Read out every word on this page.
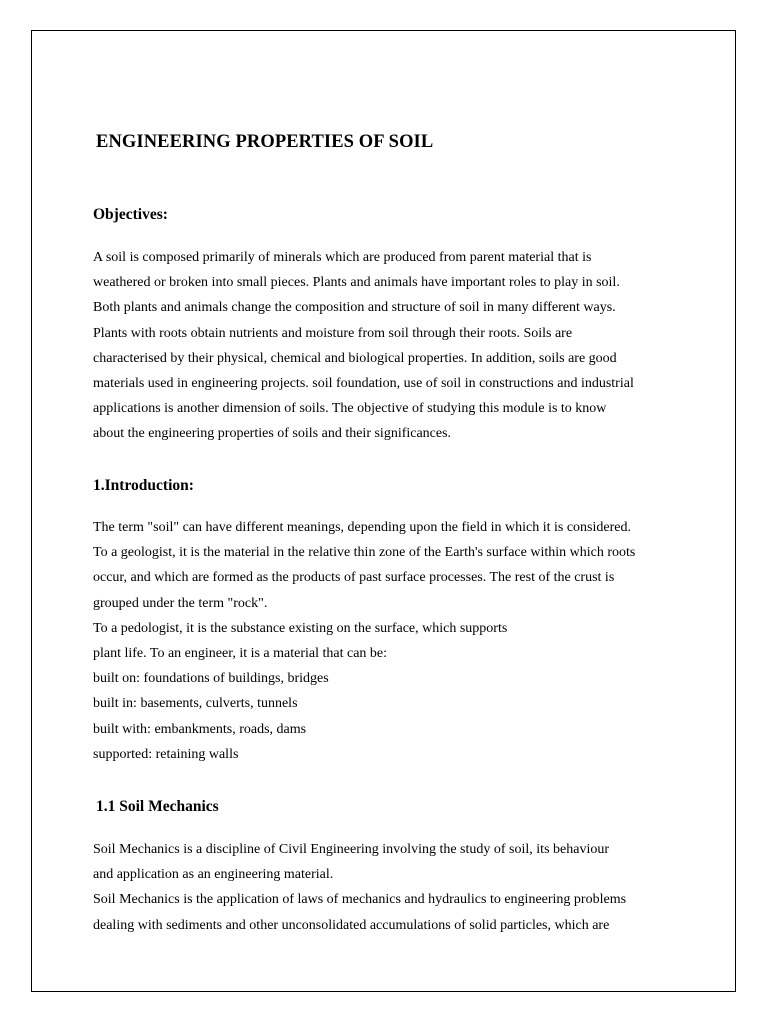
ENGINEERING PROPERTIES OF SOIL
Objectives:
A soil is composed primarily of minerals which are produced from parent material that is
weathered or broken into small pieces. Plants and animals have important roles to play in soil.
Both plants and animals change the composition and structure of soil in many different ways.
Plants with roots obtain nutrients and moisture from soil through their roots. Soils are
characterised by their physical, chemical and biological properties. In addition, soils are good
materials used in engineering projects. soil foundation, use of soil in constructions and industrial
applications is another dimension of soils. The objective of studying this module is to know
about the engineering properties of soils and their significances.
1.Introduction:
The term "soil" can have different meanings, depending upon the field in which it is considered.
To a geologist, it is the material in the relative thin zone of the Earth's surface within which roots
occur, and which are formed as the products of past surface processes. The rest of the crust is
grouped under the term "rock".
To a pedologist, it is the substance existing on the surface, which supports
plant life. To an engineer, it is a material that can be:
built on: foundations of buildings, bridges
built in: basements, culverts, tunnels
built with: embankments, roads, dams
supported: retaining walls
1.1 Soil Mechanics
Soil Mechanics is a discipline of Civil Engineering involving the study of soil, its behaviour
and application as an engineering material.
Soil Mechanics is the application of laws of mechanics and hydraulics to engineering problems
dealing with sediments and other unconsolidated accumulations of solid particles, which are
